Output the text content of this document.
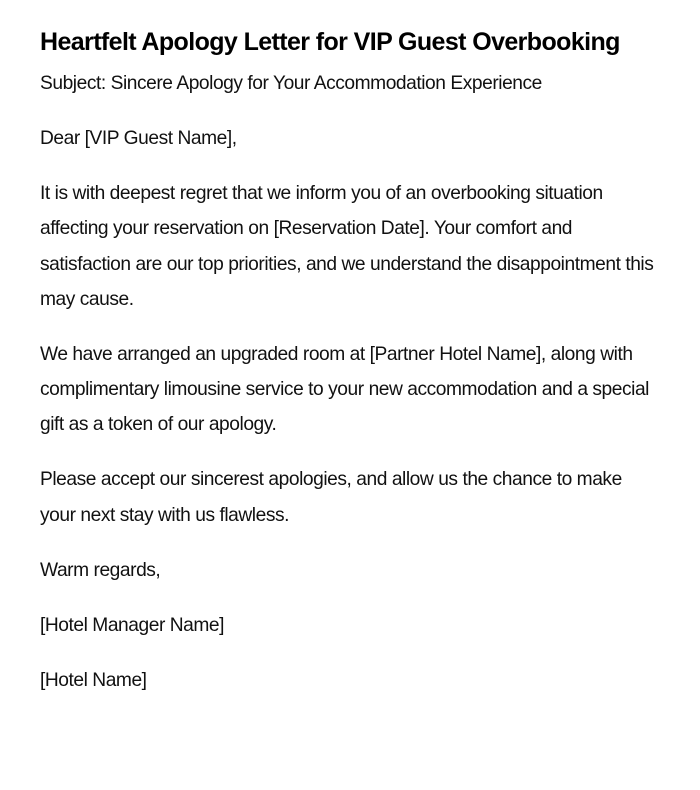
Heartfelt Apology Letter for VIP Guest Overbooking

Subject: Sincere Apology for Your Accommodation Experience

Dear [VIP Guest Name],

It is with deepest regret that we inform you of an overbooking situation affecting your reservation on [Reservation Date]. Your comfort and satisfaction are our top priorities, and we understand the disappointment this may cause.

We have arranged an upgraded room at [Partner Hotel Name], along with complimentary limousine service to your new accommodation and a special gift as a token of our apology.

Please accept our sincerest apologies, and allow us the chance to make your next stay with us flawless.

Warm regards,

[Hotel Manager Name]

[Hotel Name]
